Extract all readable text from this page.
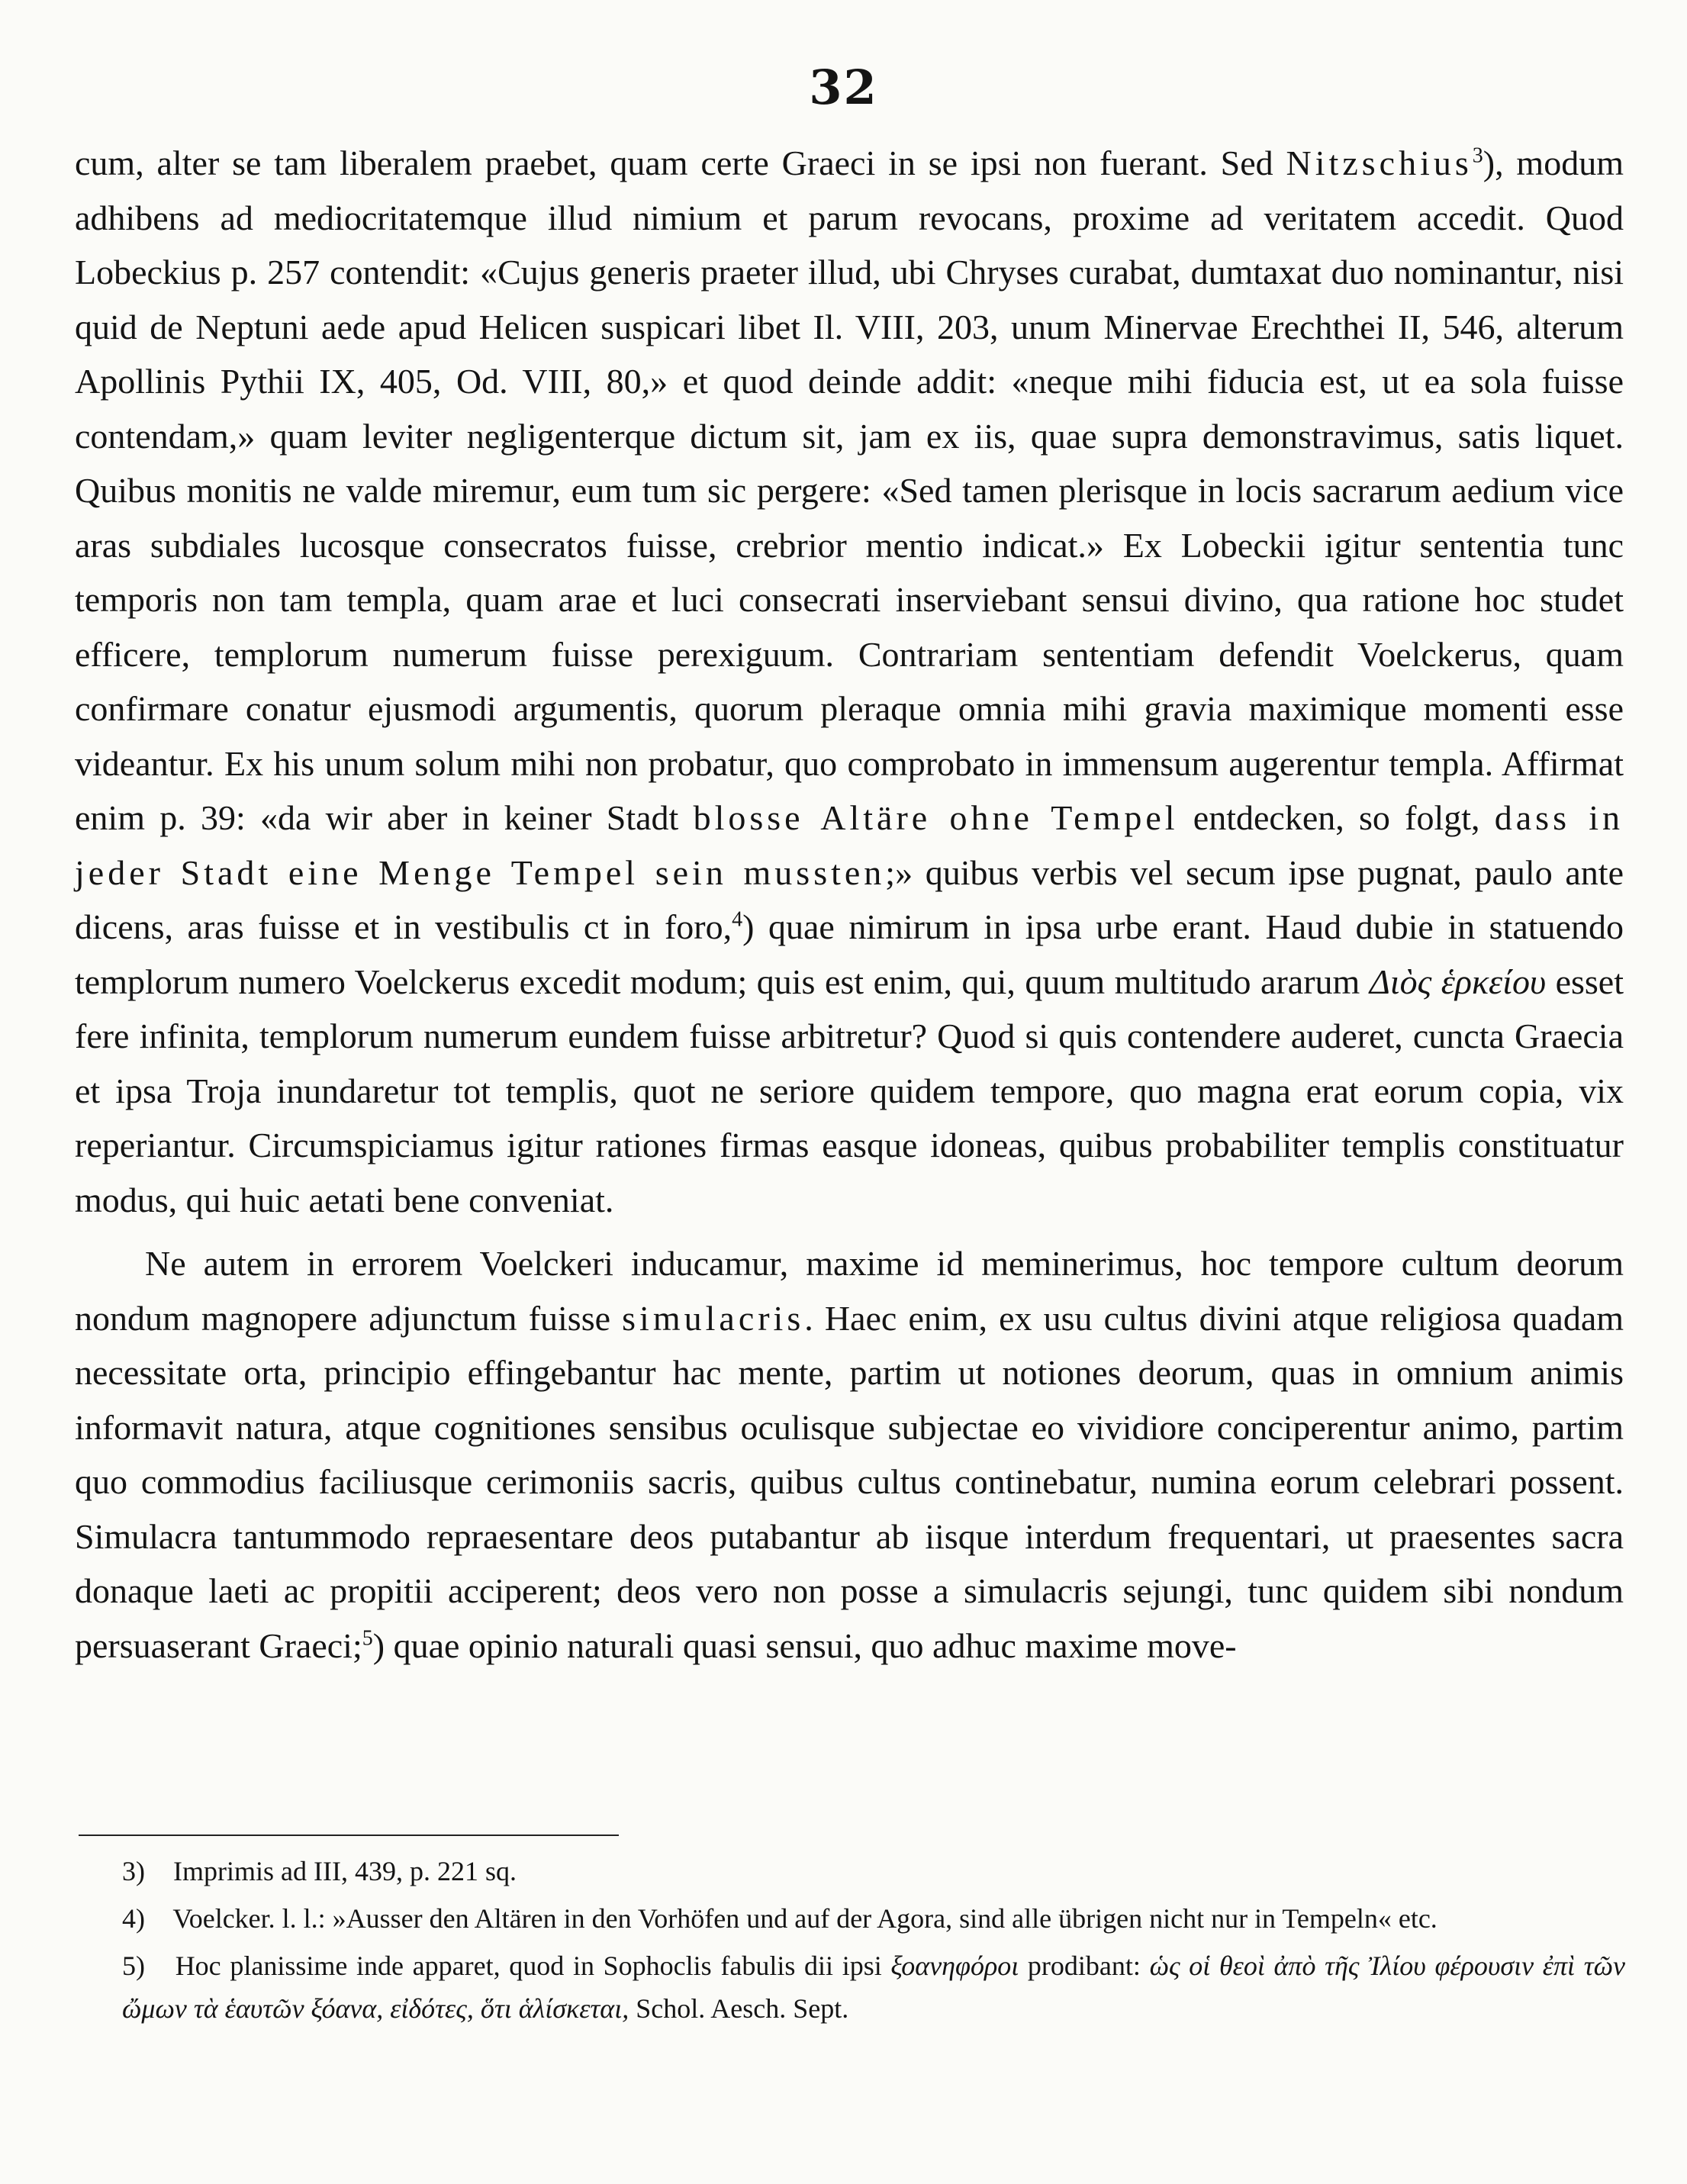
32

cum, alter se tam liberalem praebet, quam certe Graeci in se ipsi non fuerant. Sed Nitzschius$^3$), modum adhibens ad mediocritatemque illud nimium et parum revocans, proxime ad veritatem accedit. Quod Lobeckius p. 257 contendit: «Cujus generis praeter illud, ubi Chryses curabat, dumtaxat duo nominantur, nisi quid de Neptuni aede apud Helicen suspicari libet Il. VIII, 203, unum Minervae Erechthei II, 546, alterum Apollinis Pythii IX, 405, Od. VIII, 80,» et quod deinde addit: «neque mihi fiducia est, ut ea sola fuisse contendam,» quam leviter negligenterque dictum sit, jam ex iis, quae supra demonstravimus, satis liquet. Quibus monitis ne valde miremur, eum tum sic pergere: «Sed tamen plerisque in locis sacrarum aedium vice aras subdiales lucosque consecratos fuisse, crebrior mentio indicat.» Ex Lobeckii igitur sententia tunc temporis non tam templa, quam arae et luci consecrati inserviebant sensui divino, qua ratione hoc studet efficere, templorum numerum fuisse perexiguum. Contrariam sententiam defendit Voelckerus, quam confirmare conatur ejusmodi argumentis, quorum pleraque omnia mihi gravia maximique momenti esse videantur. Ex his unum solum mihi non probatur, quo comprobato in immensum augerentur templa. Affirmat enim p. 39: «da wir aber in keiner Stadt blosse Altäre ohne Tempel entdecken, so folgt, dass in jeder Stadt eine Menge Tempel sein mussten;» quibus verbis vel secum ipse pugnat, paulo ante dicens, aras fuisse et in vestibulis ct in foro,$^4$) quae nimirum in ipsa urbe erant. Haud dubie in statuendo templorum numero Voelckerus excedit modum; quis est enim, qui, quum multitudo ararum Διὸς ἑρκείου esset fere infinita, templorum numerum eundem fuisse arbitretur? Quod si quis contendere auderet, cuncta Graecia et ipsa Troja inundaretur tot templis, quot ne seriore quidem tempore, quo magna erat eorum copia, vix reperiantur. Circumspiciamus igitur rationes firmas easque idoneas, quibus probabiliter templis constituatur modus, qui huic aetati bene conveniat.

Ne autem in errorem Voelckeri inducamur, maxime id meminerimus, hoc tempore cultum deorum nondum magnopere adjunctum fuisse simulacris. Haec enim, ex usu cultus divini atque religiosa quadam necessitate orta, principio effingebantur hac mente, partim ut notiones deorum, quas in omnium animis informavit natura, atque cognitiones sensibus oculisque subjectae eo vividiore conciperentur animo, partim quo commodius faciliusque cerimoniis sacris, quibus cultus continebatur, numina eorum celebrari possent. Simulacra tantummodo repraesentare deos putabantur ab iisque interdum frequentari, ut praesentes sacra donaque laeti ac propitii acciperent; deos vero non posse a simulacris sejungi, tunc quidem sibi nondum persuaserant Graeci;$^5$) quae opinio naturali quasi sensui, quo adhuc maxime move-

3) Imprimis ad III, 439, p. 221 sq.

4) Voelcker. l. l.: »Ausser den Altären in den Vorhöfen und auf der Agora, sind alle übrigen nicht nur in Tempeln« etc.

5) Hoc planissime inde apparet, quod in Sophoclis fabulis dii ipsi ξοανηφόροι prodibant: ὡς οἱ θεοὶ ἀπὸ τῆς Ἰλίου φέρουσιν ἐπὶ τῶν ὤμων τὰ ἑαυτῶν ξόανα, εἰδότες, ὅτι ἁλίσκεται, Schol. Aesch. Sept.
